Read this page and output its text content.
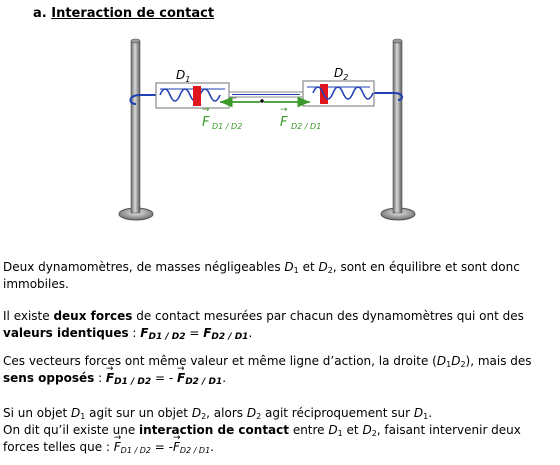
a. Interaction de contact
$D_1$	$D_2$
→
F D1 / D2
→
F D2 / D1
Deux dynamomètres, de masses négligeables $D_1$ et $D_2$, sont en équilibre et sont donc immobiles.
Il existe deux forces de contact mesurées par chacun des dynamomètres qui ont des valeurs identiques : FD1 / D2 = FD2 / D1.
Ces vecteurs forces ont même valeur et même ligne d’action, la droite $(D_1D_2)$, mais des sens opposés : → FD1 / D2 = - → FD2 / D1.
Si un objet $D_1$ agit sur un objet $D_2$, alors $D_2$ agit réciproquement sur $D_1$.
On dit qu’il existe une interaction de contact entre $D_1$ et $D_2$, faisant intervenir deux forces telles que : → FD1 / D2 = -→ FD2 / D1.
